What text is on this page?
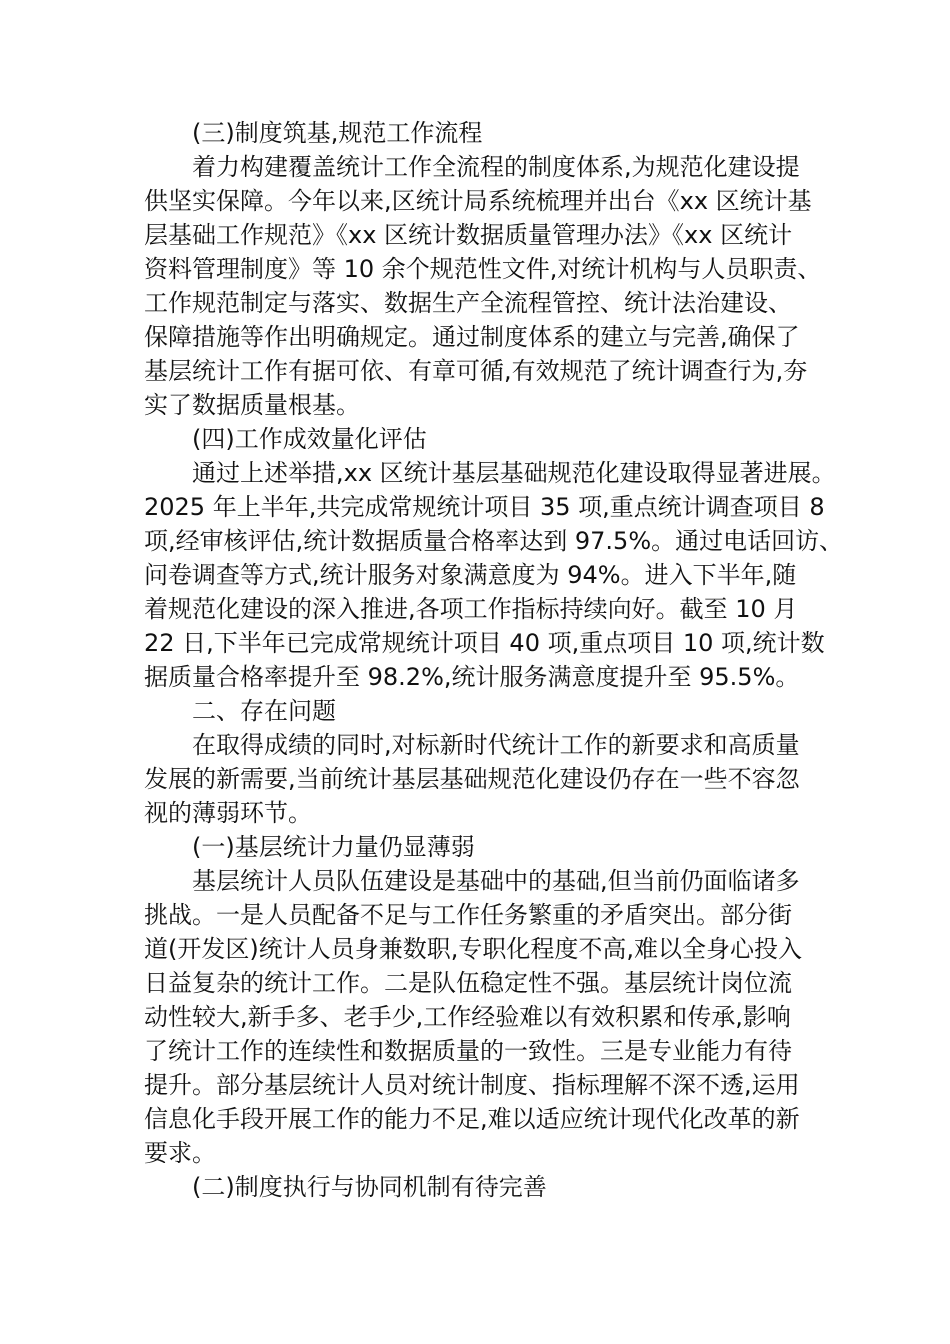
(三)制度筑基,规范工作流程
着力构建覆盖统计工作全流程的制度体系,为规范化建设提
供坚实保障。今年以来,区统计局系统梳理并出台《xx 区统计基
层基础工作规范》《xx 区统计数据质量管理办法》《xx 区统计
资料管理制度》等 10 余个规范性文件,对统计机构与人员职责、
工作规范制定与落实、数据生产全流程管控、统计法治建设、
保障措施等作出明确规定。通过制度体系的建立与完善,确保了
基层统计工作有据可依、有章可循,有效规范了统计调查行为,夯
实了数据质量根基。
(四)工作成效量化评估
通过上述举措,xx 区统计基层基础规范化建设取得显著进展。
2025 年上半年,共完成常规统计项目 35 项,重点统计调查项目 8
项,经审核评估,统计数据质量合格率达到 97.5%。通过电话回访、
问卷调查等方式,统计服务对象满意度为 94%。进入下半年,随
着规范化建设的深入推进,各项工作指标持续向好。截至 10 月
22 日,下半年已完成常规统计项目 40 项,重点项目 10 项,统计数
据质量合格率提升至 98.2%,统计服务满意度提升至 95.5%。
二、存在问题
在取得成绩的同时,对标新时代统计工作的新要求和高质量
发展的新需要,当前统计基层基础规范化建设仍存在一些不容忽
视的薄弱环节。
(一)基层统计力量仍显薄弱
基层统计人员队伍建设是基础中的基础,但当前仍面临诸多
挑战。一是人员配备不足与工作任务繁重的矛盾突出。部分街
道(开发区)统计人员身兼数职,专职化程度不高,难以全身心投入
日益复杂的统计工作。二是队伍稳定性不强。基层统计岗位流
动性较大,新手多、老手少,工作经验难以有效积累和传承,影响
了统计工作的连续性和数据质量的一致性。三是专业能力有待
提升。部分基层统计人员对统计制度、指标理解不深不透,运用
信息化手段开展工作的能力不足,难以适应统计现代化改革的新
要求。
(二)制度执行与协同机制有待完善
